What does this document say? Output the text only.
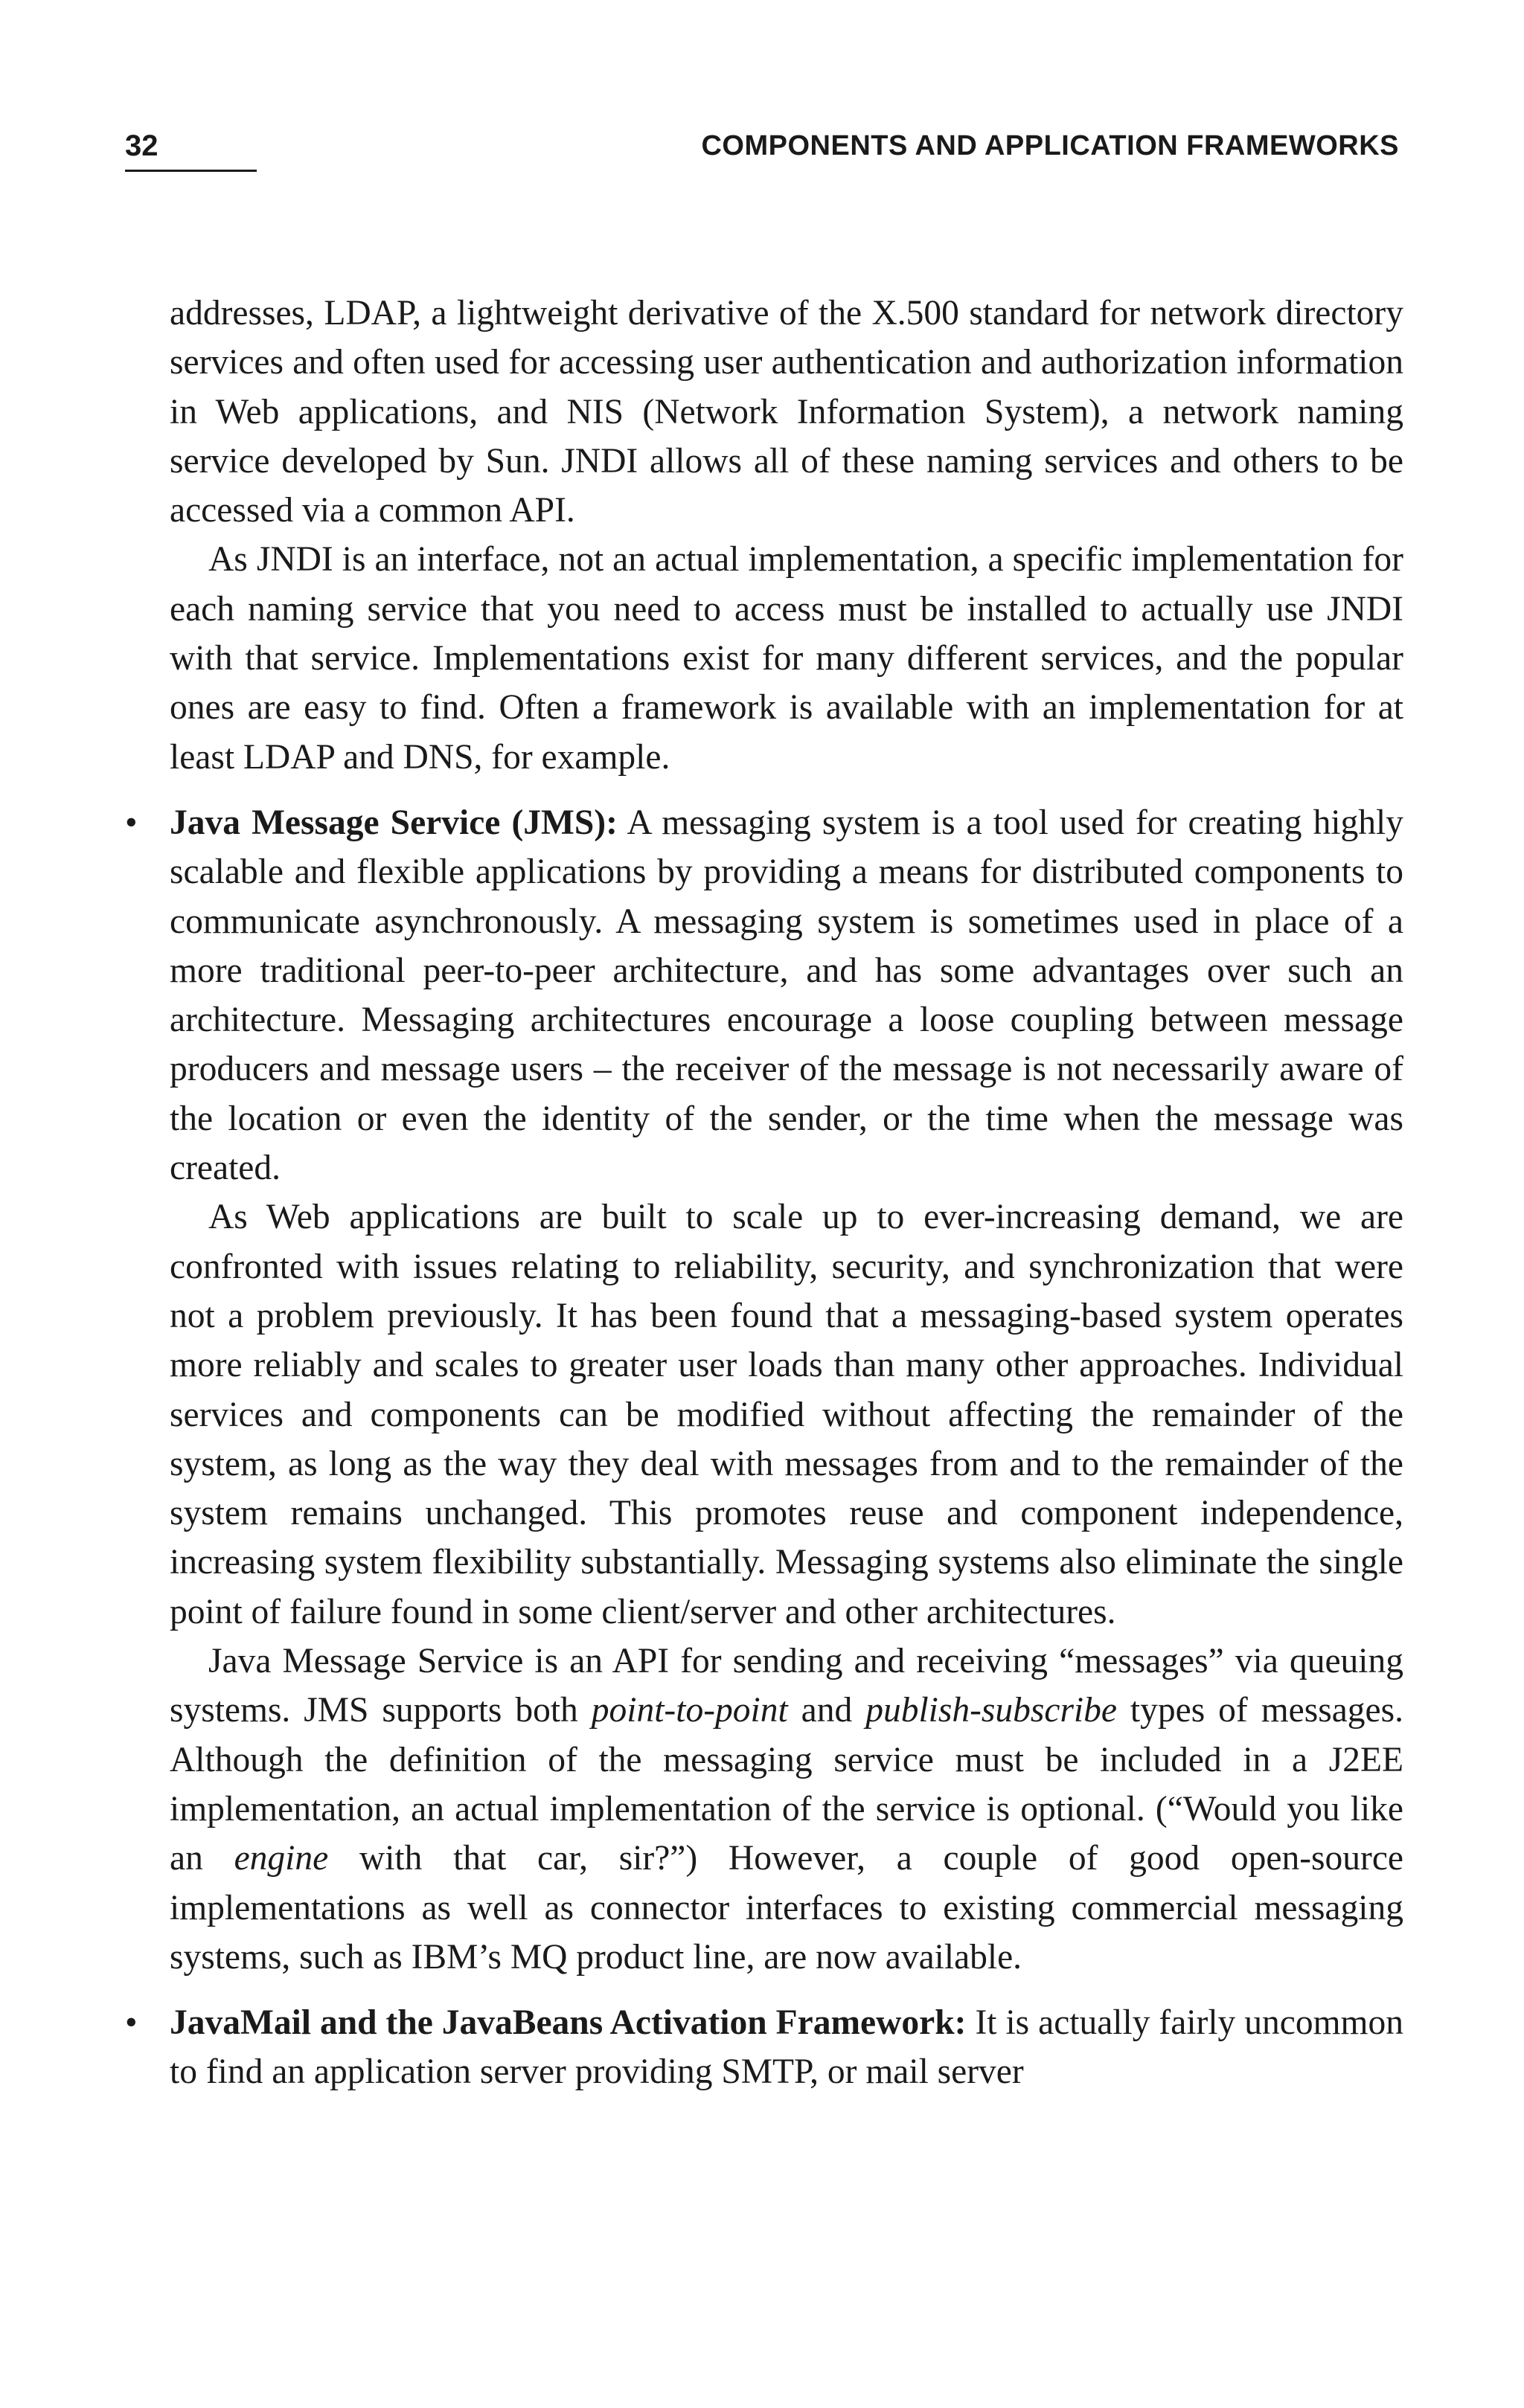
32	COMPONENTS AND APPLICATION FRAMEWORKS

addresses, LDAP, a lightweight derivative of the X.500 standard for network directory services and often used for accessing user authentication and authorization information in Web applications, and NIS (Network Information System), a network naming service developed by Sun. JNDI allows all of these naming services and others to be accessed via a common API.

As JNDI is an interface, not an actual implementation, a specific implementation for each naming service that you need to access must be installed to actually use JNDI with that service. Implementations exist for many different services, and the popular ones are easy to find. Often a framework is available with an implementation for at least LDAP and DNS, for example.

• Java Message Service (JMS): A messaging system is a tool used for creating highly scalable and flexible applications by providing a means for distributed components to communicate asynchronously. A messaging system is sometimes used in place of a more traditional peer-to-peer architecture, and has some advantages over such an architecture. Messaging architectures encourage a loose coupling between message producers and message users – the receiver of the message is not necessarily aware of the location or even the identity of the sender, or the time when the message was created.

As Web applications are built to scale up to ever-increasing demand, we are confronted with issues relating to reliability, security, and synchronization that were not a problem previously. It has been found that a messaging-based system operates more reliably and scales to greater user loads than many other approaches. Individual services and components can be modified without affecting the remainder of the system, as long as the way they deal with messages from and to the remainder of the system remains unchanged. This promotes reuse and component independence, increasing system flexibility substantially. Messaging systems also eliminate the single point of failure found in some client/server and other architectures.

Java Message Service is an API for sending and receiving “messages” via queuing systems. JMS supports both point-to-point and publish-subscribe types of messages. Although the definition of the messaging service must be included in a J2EE implementation, an actual implementation of the service is optional. (“Would you like an engine with that car, sir?”) However, a couple of good open-source implementations as well as connector interfaces to existing commercial messaging systems, such as IBM’s MQ product line, are now available.

• JavaMail and the JavaBeans Activation Framework: It is actually fairly uncommon to find an application server providing SMTP, or mail server
